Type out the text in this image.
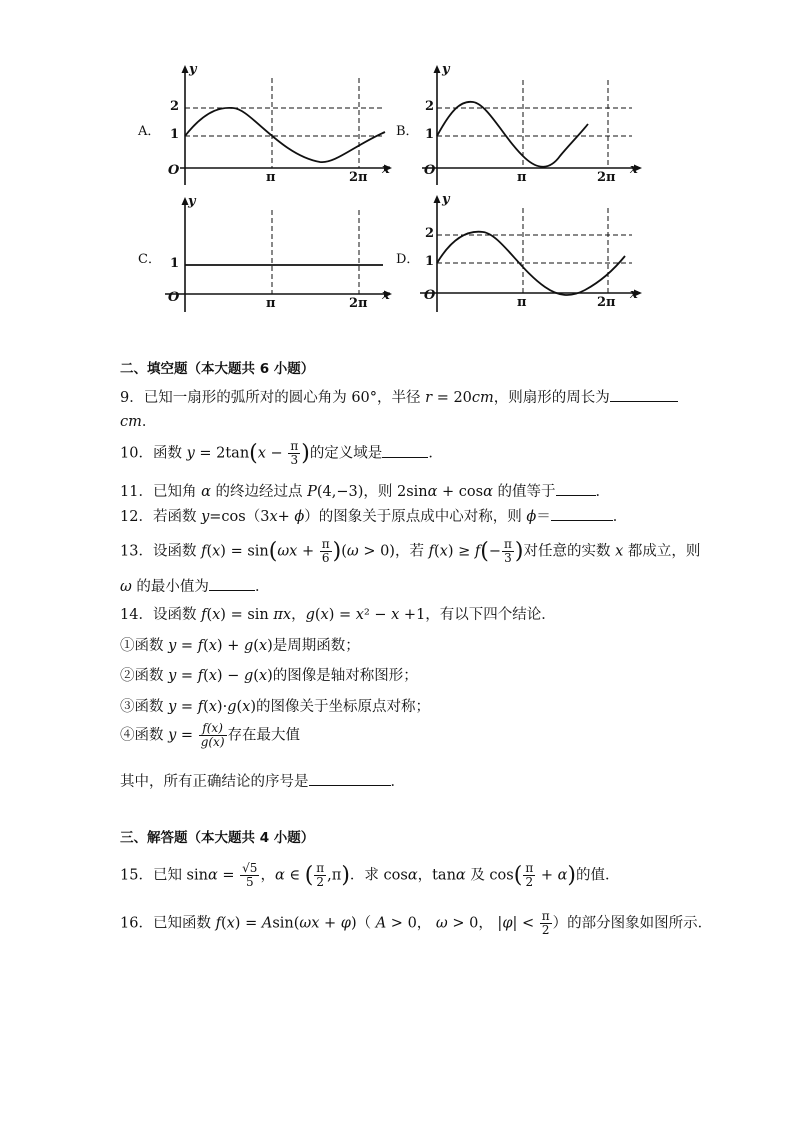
A．
y
x
O
2
1
π	2π
B．
y
x
O
2
1
π	2π
C．
y
x
O
1
π	2π
D．
y
x
O
2
1
π	2π
二、填空题（本大题共 6 小题）
9．已知一扇形的弧所对的圆心角为 60°，半径 r = 20cm，则扇形的周长为
cm．
10．函数 $y = 2\tan(x - \frac{\pi}{3}$ )的定义域是	．
11．已知角 α 的终边经过点 P(4,−3)，则 2sinα + cosα 的值等于	．
12．若函数 y=cos（3x+ ϕ）的图象关于原点成中心对称，则 ϕ＝	．
13．设函数 $f(x) = \sin(\omega x + \frac{\pi}{6} )(\omega > 0)$，若 $f(x) \ge f(- \frac{\pi}{3}$ )对任意的实数 x 都成立，则
ω 的最小值为	．
14．设函数 f(x) = sin πx，g(x) = x² − x +1，有以下四个结论．
①函数 y = f(x) + g(x)是周期函数；
②函数 y = f(x) − g(x)的图像是轴对称图形；
③函数 y = f(x)·g(x)的图像关于坐标原点对称；
④函数 $y = \frac{f(x)}{g(x)}$ 存在最大值
其中，所有正确结论的序号是	．
三、解答题（本大题共 4 小题）
15．已知 $\sin\alpha = \frac{√5}{5}$ ，α ∈ ( $\frac{\pi}{2} ,\pi$)．求 cosα，tanα 及 $\cos( \frac{\pi}{2} + \alpha)$的值．
16．已知函数 f(x) = Asin(ωx + φ)（ A > 0， ω > 0， $|\varphi| < \frac{\pi}{2}$ ）的部分图象如图所示．
